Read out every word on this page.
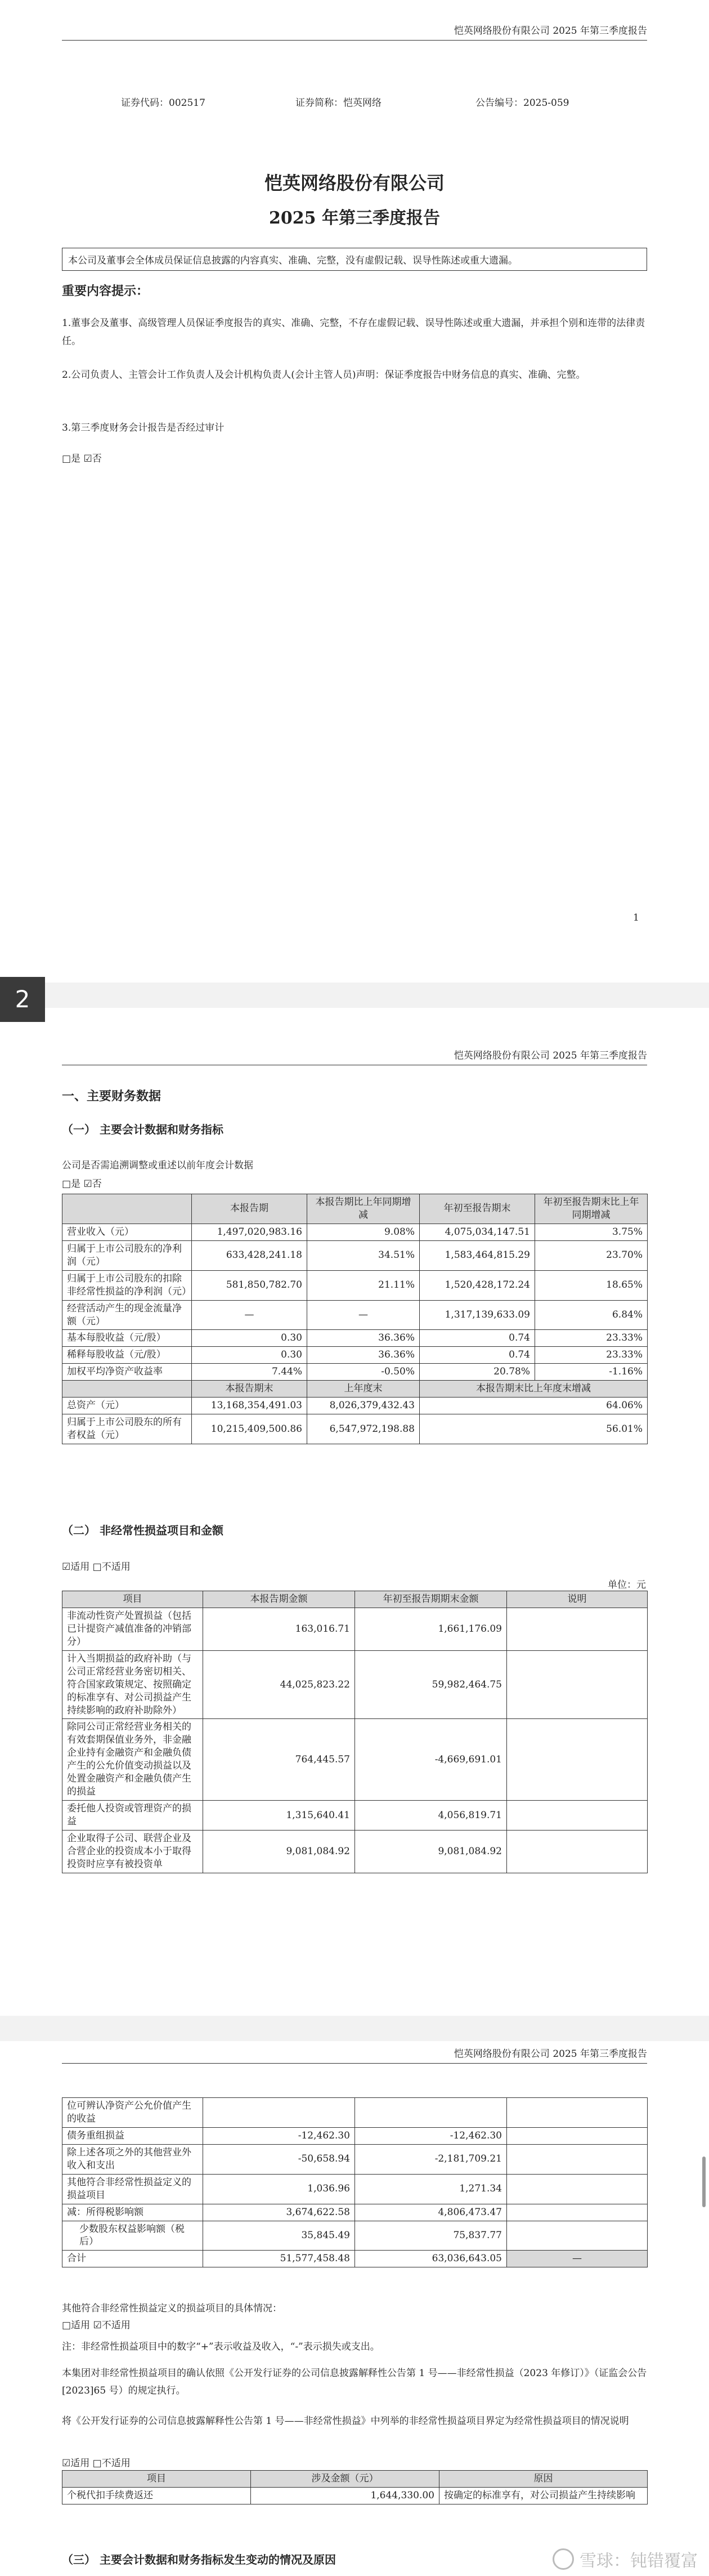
恺英网络股份有限公司 2025 年第三季度报告
证券代码：002517	证券简称：恺英网络	公告编号：2025-059
恺英网络股份有限公司
2025 年第三季度报告
本公司及董事会全体成员保证信息披露的内容真实、准确、完整，没有虚假记载、误导性陈述或重大遗漏。
重要内容提示：
1.董事会及董事、高级管理人员保证季度报告的真实、准确、完整，不存在虚假记载、误导性陈述或重大遗漏，并承担个别和连带的法律责任。
2.公司负责人、主管会计工作负责人及会计机构负责人(会计主管人员)声明：保证季度报告中财务信息的真实、准确、完整。
3.第三季度财务会计报告是否经过审计
□是 ☑否
1
恺英网络股份有限公司 2025 年第三季度报告
一、主要财务数据
（一） 主要会计数据和财务指标
公司是否需追溯调整或重述以前年度会计数据
□是 ☑否
	本报告期	本报告期比上年同期增减	年初至报告期末	年初至报告期末比上年同期增减
营业收入（元）	1,497,020,983.16	9.08%	4,075,034,147.51	3.75%
归属于上市公司股东的净利润（元）	633,428,241.18	34.51%	1,583,464,815.29	23.70%
归属于上市公司股东的扣除非经常性损益的净利润（元）	581,850,782.70	21.11%	1,520,428,172.24	18.65%
经营活动产生的现金流量净额（元）	—	—	1,317,139,633.09	6.84%
基本每股收益（元/股）	0.30	36.36%	0.74	23.33%
稀释每股收益（元/股）	0.30	36.36%	0.74	23.33%
加权平均净资产收益率	7.44%	-0.50%	20.78%	-1.16%
	本报告期末	上年度末	本报告期末比上年度末增减	
总资产（元）	13,168,354,491.03	8,026,379,432.43	64.06%	
归属于上市公司股东的所有者权益（元）	10,215,409,500.86	6,547,972,198.88	56.01%	
（二） 非经常性损益项目和金额
☑适用 □不适用
单位：元
项目	本报告期金额	年初至报告期期末金额	说明
非流动性资产处置损益（包括已计提资产减值准备的冲销部分）	163,016.71	1,661,176.09	
计入当期损益的政府补助（与公司正常经营业务密切相关、符合国家政策规定、按照确定的标准享有、对公司损益产生持续影响的政府补助除外）	44,025,823.22	59,982,464.75	
除同公司正常经营业务相关的有效套期保值业务外，非金融企业持有金融资产和金融负债产生的公允价值变动损益以及处置金融资产和金融负债产生的损益	764,445.57	-4,669,691.01	
委托他人投资或管理资产的损益	1,315,640.41	4,056,819.71	
企业取得子公司、联营企业及合营企业的投资成本小于取得投资时应享有被投资单	9,081,084.92	9,081,084.92	
2
恺英网络股份有限公司 2025 年第三季度报告
位可辨认净资产公允价值产生的收益			
债务重组损益	-12,462.30	-12,462.30	
除上述各项之外的其他营业外收入和支出	-50,658.94	-2,181,709.21	
其他符合非经常性损益定义的损益项目	1,036.96	1,271.34	
减：所得税影响额	3,674,622.58	4,806,473.47	
少数股东权益影响额（税后）	35,845.49	75,837.77	
合计	51,577,458.48	63,036,643.05	—
其他符合非经常性损益定义的损益项目的具体情况：
□适用 ☑不适用
注：非经常性损益项目中的数字“+”表示收益及收入，“-”表示损失或支出。
本集团对非经常性损益项目的确认依照《公开发行证券的公司信息披露解释性公告第 1 号——非经常性损益（2023 年修订）》（证监会公告[2023]65 号）的规定执行。
将《公开发行证券的公司信息披露解释性公告第 1 号——非经常性损益》中列举的非经常性损益项目界定为经常性损益项目的情况说明
☑适用 □不适用
项目	涉及金额（元）	原因
个税代扣手续费返还	1,644,330.00	按确定的标准享有，对公司损益产生持续影响
（三） 主要会计数据和财务指标发生变动的情况及原因	雪球：钝错覆富
